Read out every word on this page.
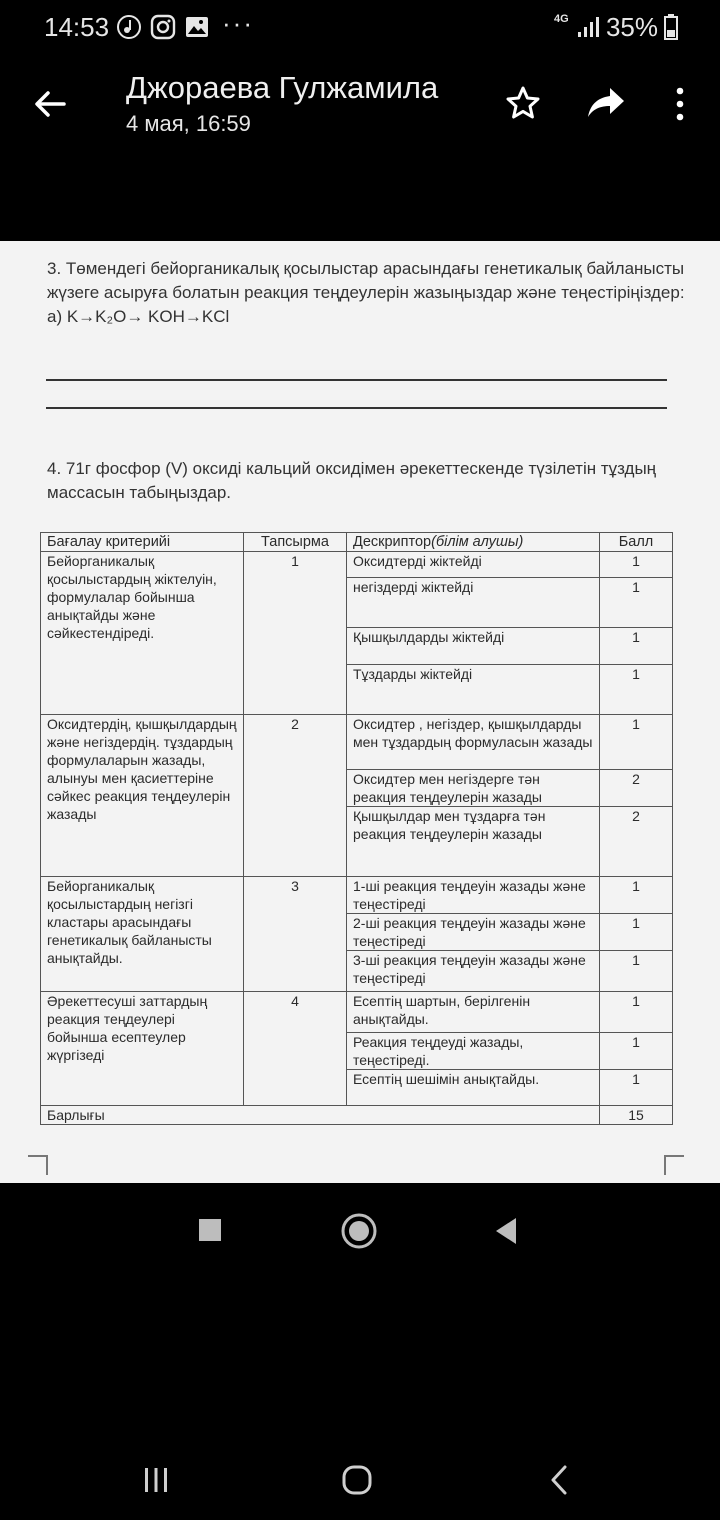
14:53	···	4G 35%
Джораева Гулжамила
4 мая, 16:59
3. Төмендегі бейорганикалық қосылыстар арасындағы генетикалық байланысты жүзеге асыруға болатын реакция теңдеулерін жазыңыздар және теңестіріңіздер:
а) K→K₂O→ KOH→KCl
4. 71г фосфор (V) оксиді кальций оксидімен әрекеттескенде түзілетін тұздың массасын табыңыздар.
Бағалау критерийі	Тапсырма	Дескриптор(білім алушы)	Балл
Бейорганикалық қосылыстардың жіктелуін, формулалар бойынша анықтайды және сәйкестендіреді.	1	Оксидтерді жіктейді	1
		негіздерді жіктейді	1
		Қышқылдарды жіктейді	1
		Тұздарды жіктейді	1
Оксидтердің, қышқылдардың және негіздердің. тұздардың формулаларын жазады, алынуы мен қасиеттеріне сәйкес реакция теңдеулерін жазады	2	Оксидтер , негіздер, қышқылдарды мен тұздардың формуласын жазады	1
		Оксидтер мен негіздерге тән реакция теңдеулерін жазады	2
		Қышқылдар мен тұздарға тән реакция теңдеулерін жазады	2
Бейорганикалық қосылыстардың негізгі кластары арасындағы генетикалық байланысты анықтайды.	3	1-ші реакция теңдеуін жазады және теңестіреді	1
		2-ші реакция теңдеуін жазады және теңестіреді	1
		3-ші реакция теңдеуін жазады және теңестіреді	1
Әрекеттесуші заттардың реакция теңдеулері бойынша есептеулер жүргізеді	4	Есептің шартын, берілгенін анықтайды.	1
		Реакция теңдеуді жазады, теңестіреді.	1
		Есептің шешімін анықтайды.	1
Барлығы			15
